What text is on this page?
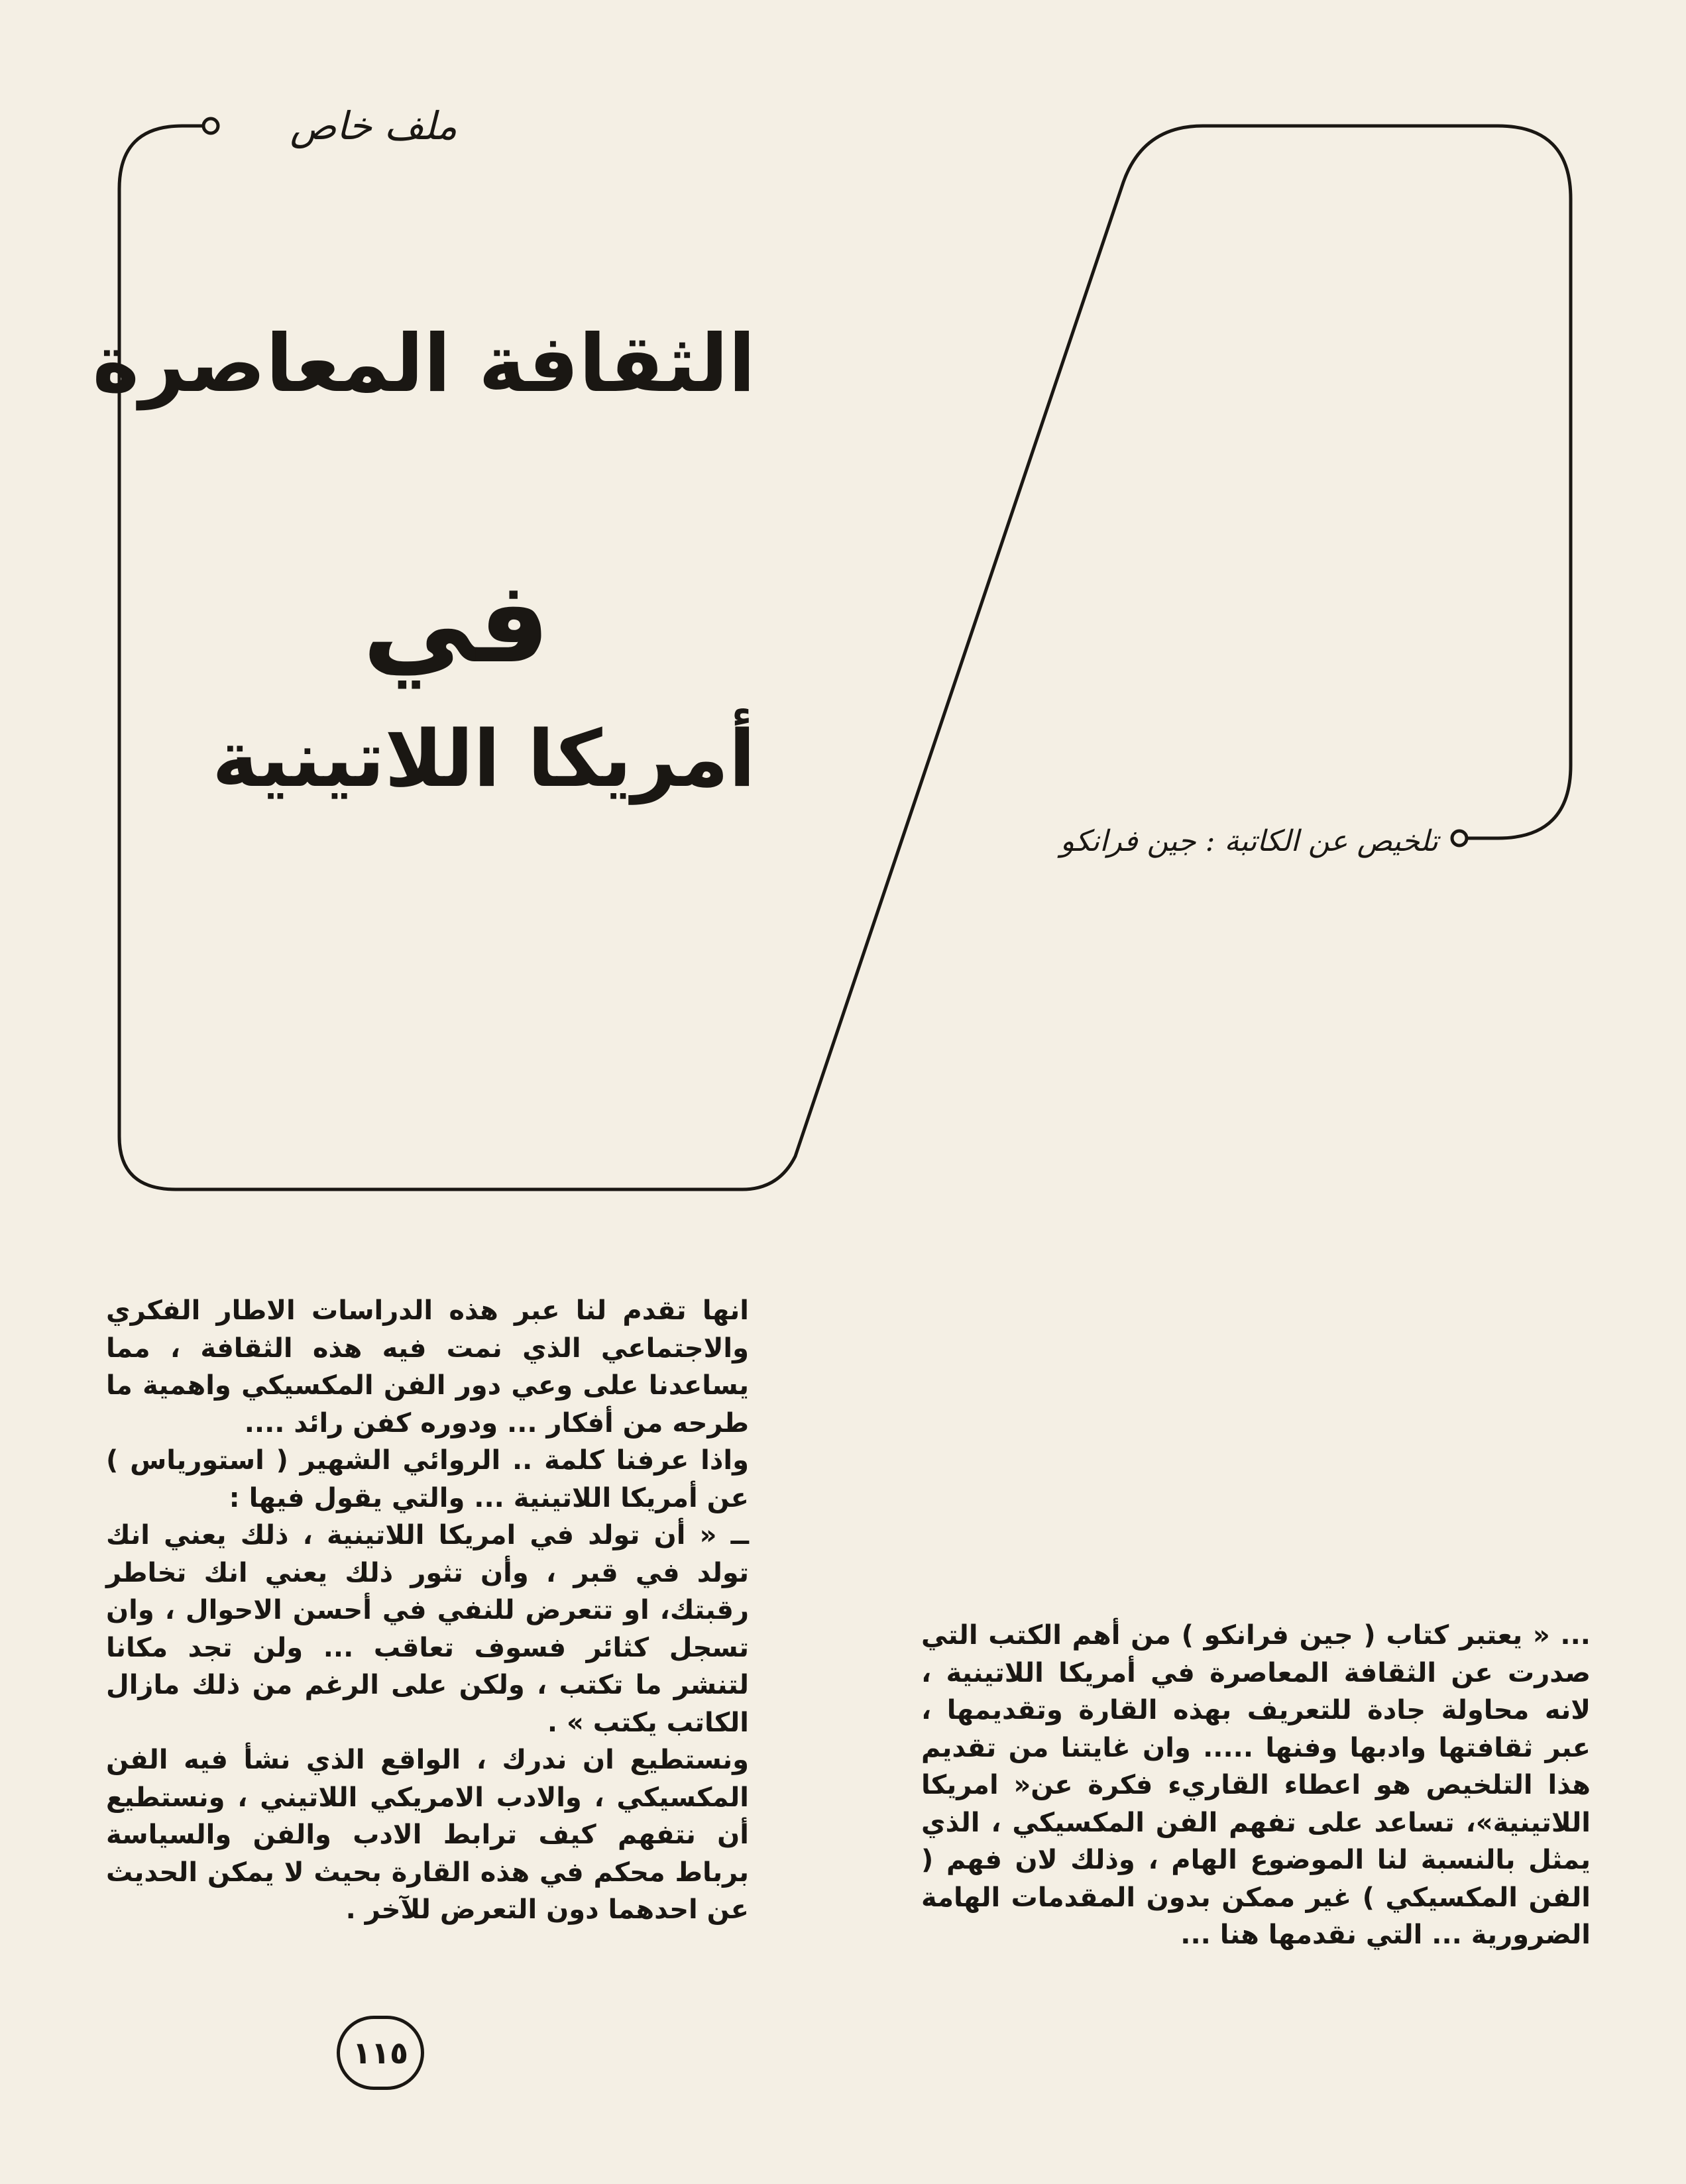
ملف خاص
الثقافة المعاصرة
في
أمريكا اللاتينية
تلخيص عن الكاتبة : جين فرانكو

انها تقدم لنا عبر هذه الدراسات الاطار الفكري والاجتماعي الذي نمت فيه هذه الثقافة ، مما يساعدنا على وعي دور الفن المكسيكي واهمية ما طرحه من أفكار ... ودوره كفن رائد ....

واذا عرفنا كلمة .. الروائي الشهير ( استورياس ) عن أمريكا اللاتينية ... والتي يقول فيها :

ــ « أن تولد في امريكا اللاتينية ، ذلك يعني انك تولد في قبر ، وأن تثور ذلك يعني انك تخاطر رقبتك، او تتعرض للنفي في أحسن الاحوال ، وان تسجل كثائر فسوف تعاقب ... ولن تجد مكانا لتنشر ما تكتب ، ولكن على الرغم من ذلك مازال الكاتب يكتب » .

ونستطيع ان ندرك ، الواقع الذي نشأ فيه الفن المكسيكي ، والادب الامريكي اللاتيني ، ونستطيع أن نتفهم كيف ترابط الادب والفن والسياسة برباط محكم في هذه القارة بحيث لا يمكن الحديث عن احدهما دون التعرض للآخر .

... « يعتبر كتاب ( جين فرانكو ) من أهم الكتب التي صدرت عن الثقافة المعاصرة في أمريكا اللاتينية ، لانه محاولة جادة للتعريف بهذه القارة وتقديمها ، عبر ثقافتها وادبها وفنها ..... وان غايتنا من تقديم هذا التلخيص هو اعطاء القاريء فكرة عن« امريكا اللاتينية»، تساعد على تفهم الفن المكسيكي ، الذي يمثل بالنسبة لنا الموضوع الهام ، وذلك لان فهم ( الفن المكسيكي ) غير ممكن بدون المقدمات الهامة الضرورية ... التي نقدمها هنا ...

١١٥
